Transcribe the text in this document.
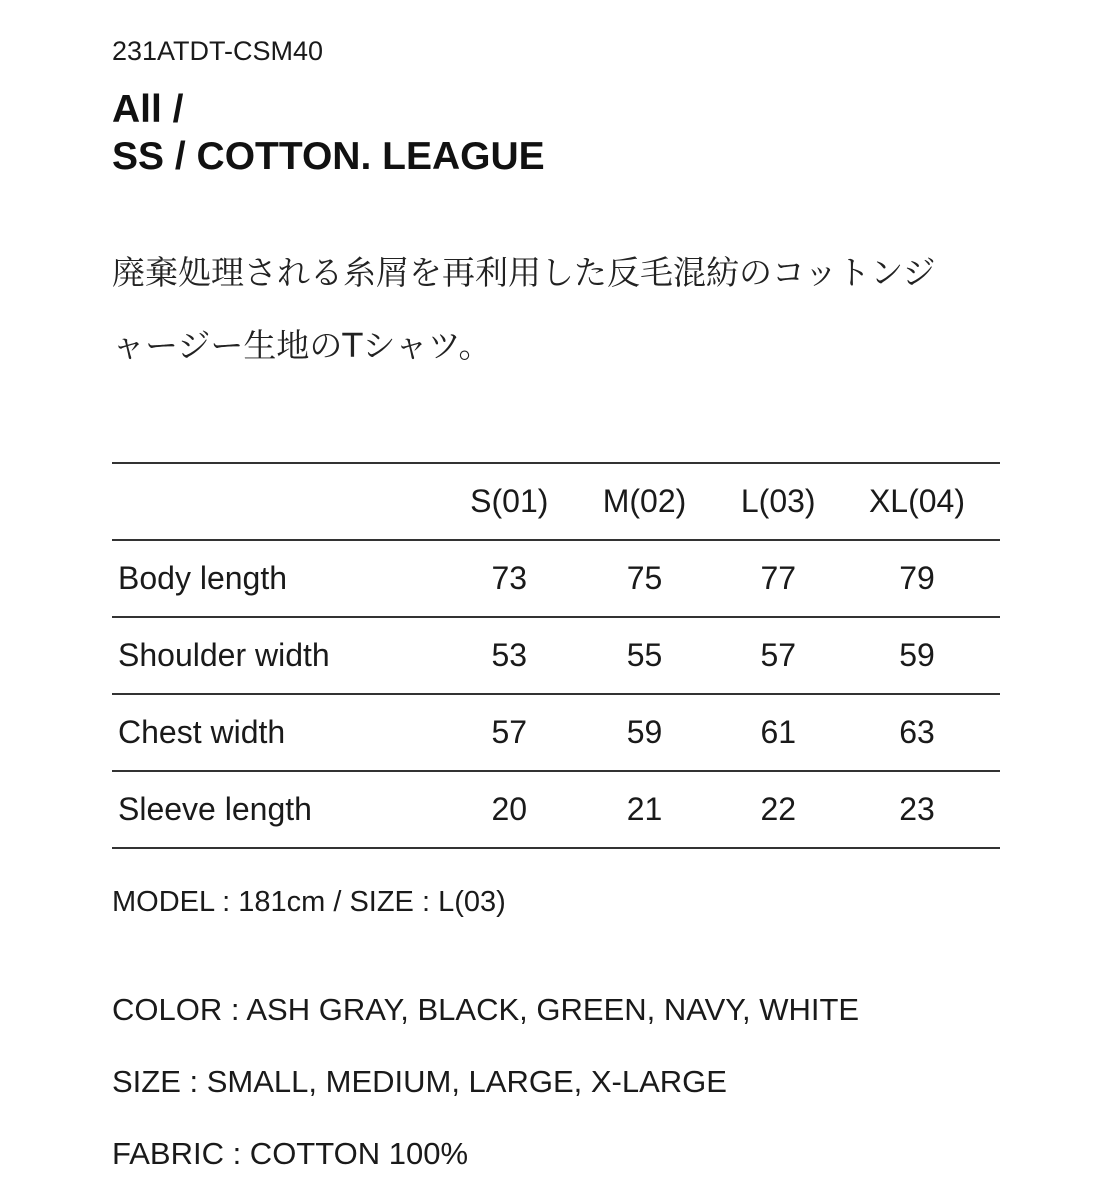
231ATDT-CSM40
All /
SS / COTTON. LEAGUE
廃棄処理される糸屑を再利用した反毛混紡のコットンジ
ャージー生地のTシャツ。
	S(01)	M(02)	L(03)	XL(04)
Body length	73	75	77	79
Shoulder width	53	55	57	59
Chest width	57	59	61	63
Sleeve length	20	21	22	23
MODEL : 181cm / SIZE : L(03)
COLOR : ASH GRAY, BLACK, GREEN, NAVY, WHITE
SIZE : SMALL, MEDIUM, LARGE, X-LARGE
FABRIC : COTTON 100%
